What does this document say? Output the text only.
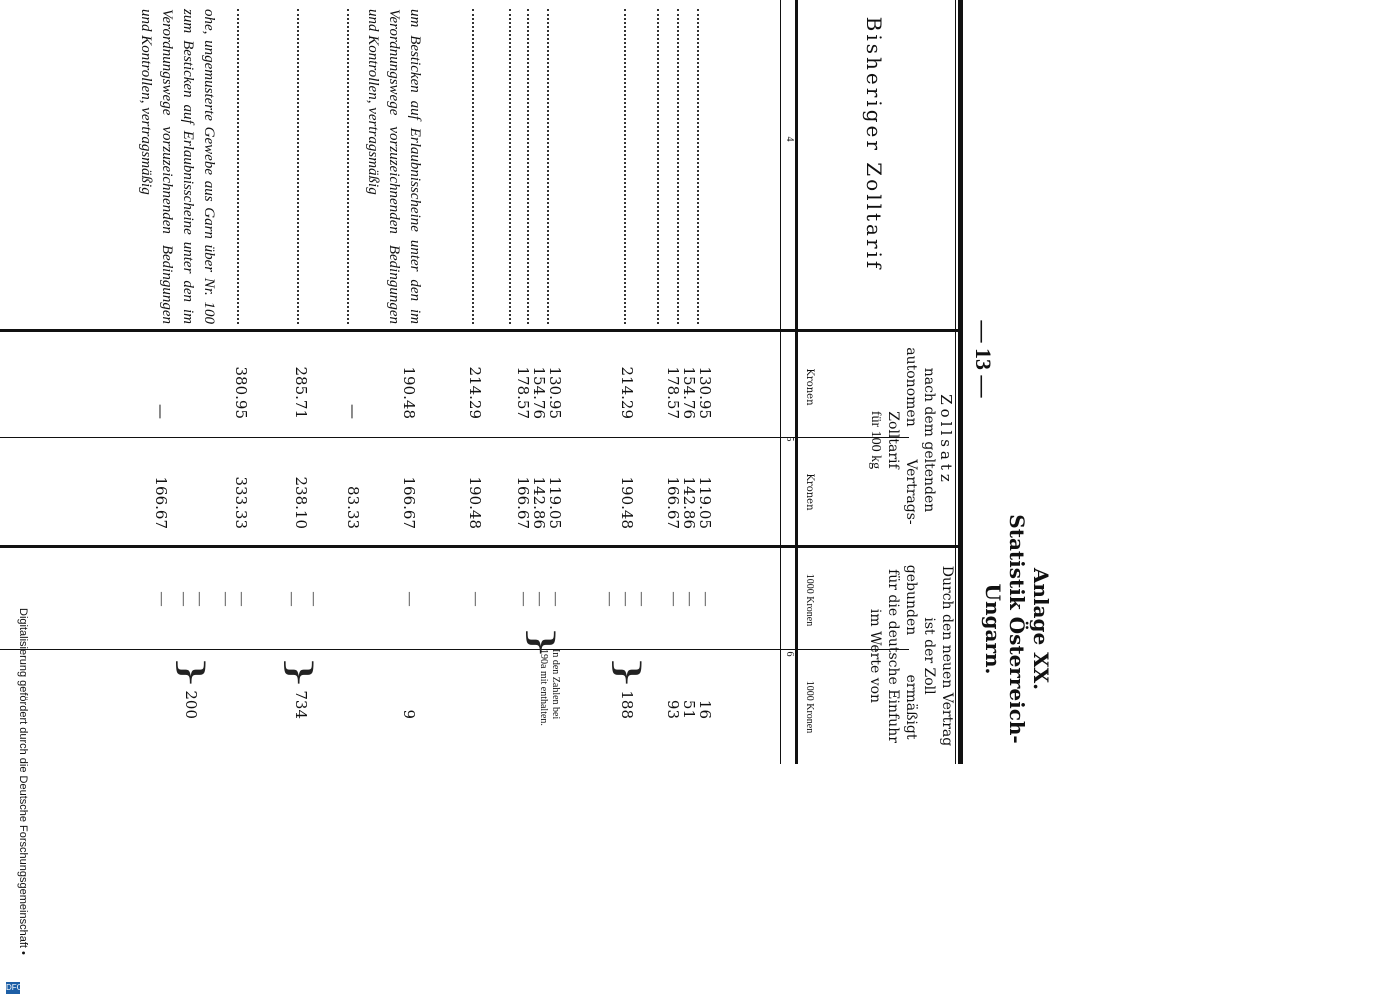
— 13 —
Anlage XX.
Statistik Österreich-Ungarn.
Bisheriger Zolltarif
4
Zollsatz
nach dem geltenden
autonomen
Vertrags-
Zolltarif
für 100 kg
Kronen
Kronen
5
Durch den neuen Vertrag
ist der Zoll
gebunden
ermäßigt
für die deutsche Einfuhr
im Werte von
1000 Kronen
1000 Kronen
6
130.95
154.76
178.57
119.05
142.86
166.67
—
—
—
16
51
93
214.29
190.48
—
—
—
}
188
130.95
154.76
178.57
119.05
142.86
166.67
—
—
—
}
In den Zahlen bei 190a mit enthalten.
214.29
190.48
—
um Besticken auf Erlaubnisscheine unter den im Verordnungswege vorzuzeichnenden Bedingungen und Kontrollen, vertragsmäßig
190.48
166.67
—
9
—
83.33
285.71
238.10
—
—
}
734
380.95
333.33
—
ohe, ungemusterte Gewebe aus Garn über Nr. 100 zum Besticken auf Erlaubnisscheine unter den im Verordnungswege vorzuzeichnenden Bedingungen und Kontrollen, vertragsmäßig
—
166.67
—
—
—
—
}
200
Digitalisierung gefördert durch die Deutsche Forschungsgemeinschaft •
DFG
